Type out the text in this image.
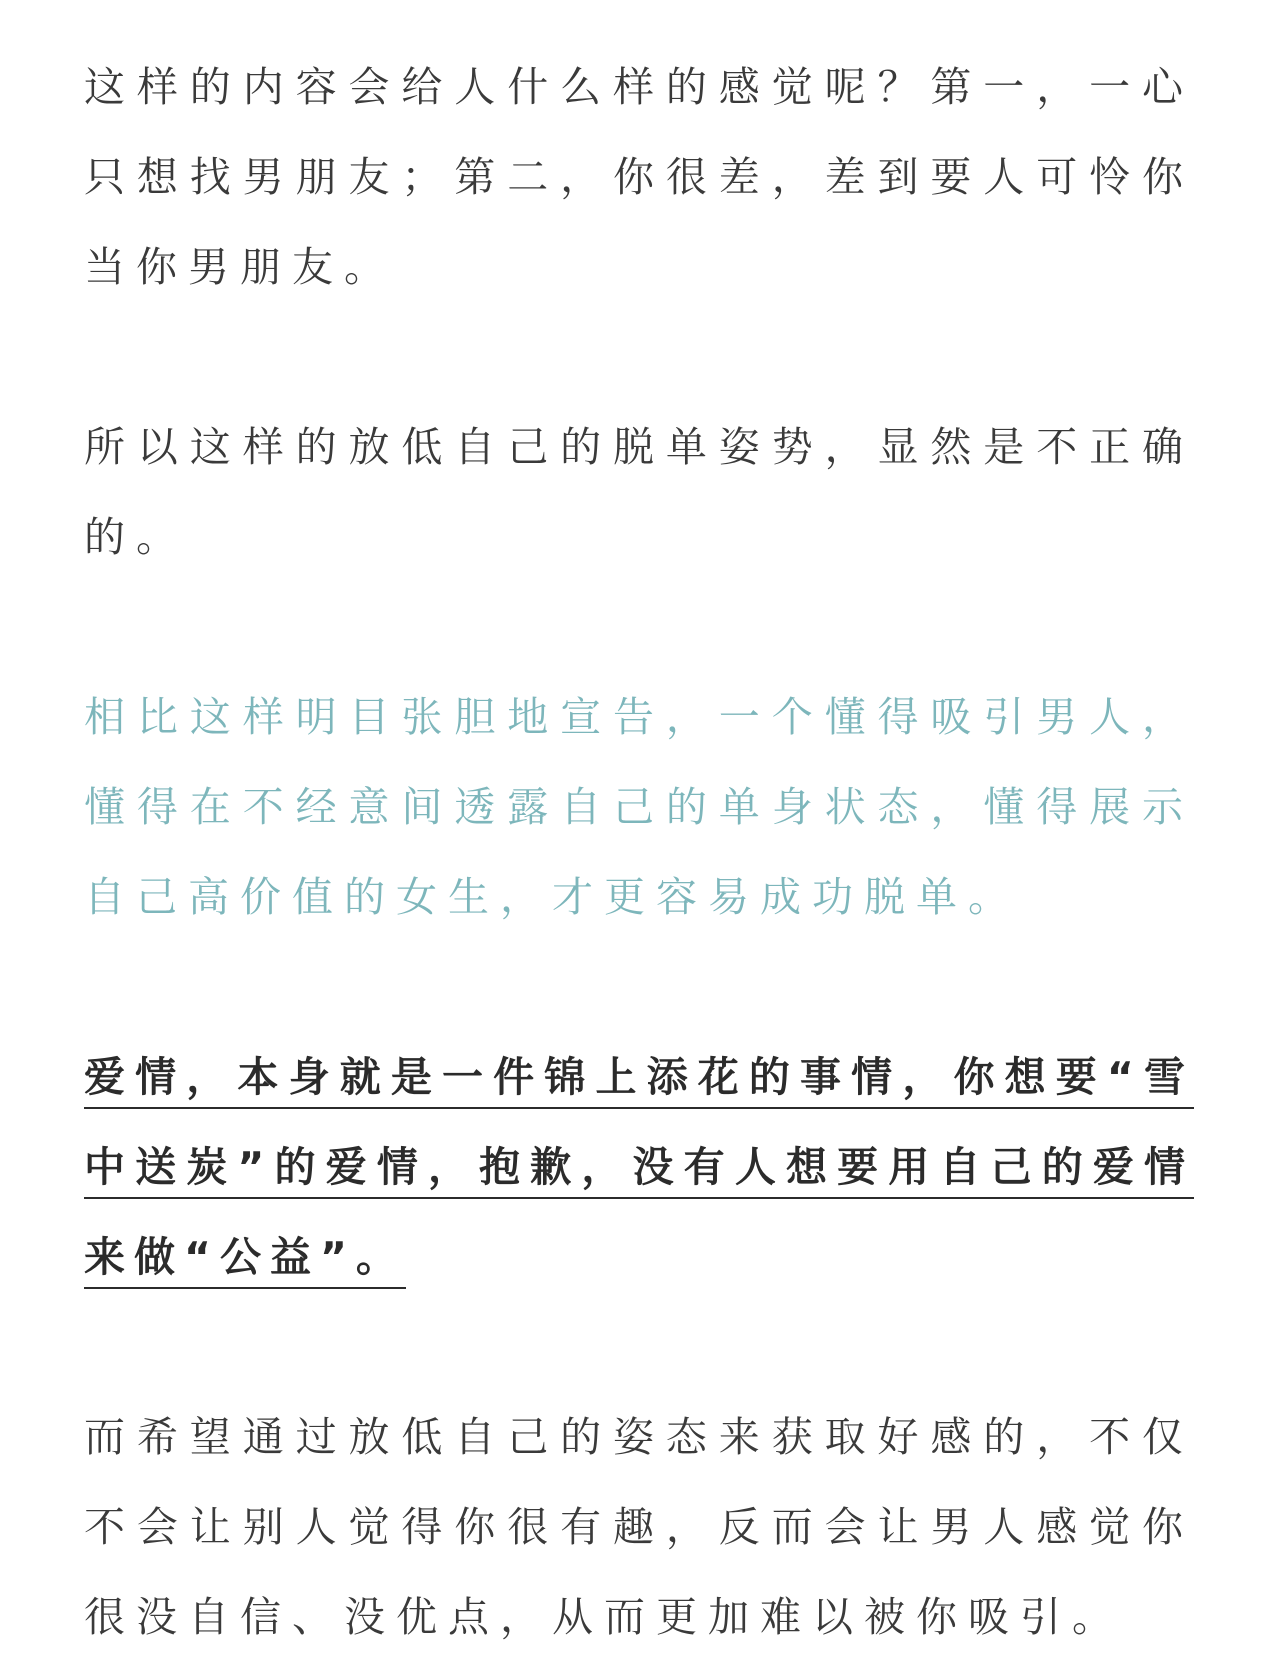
这样的内容会给人什么样的感觉呢？第一，一心只想找男朋友；第二，你很差，差到要人可怜你当你男朋友。

所以这样的放低自己的脱单姿势，显然是不正确的。

相比这样明目张胆地宣告，一个懂得吸引男人，懂得在不经意间透露自己的单身状态，懂得展示自己高价值的女生，才更容易成功脱单。

爱情，本身就是一件锦上添花的事情，你想要“雪中送炭”的爱情，抱歉，没有人想要用自己的爱情来做“公益”。

而希望通过放低自己的姿态来获取好感的，不仅不会让别人觉得你很有趣，反而会让男人感觉你很没自信、没优点，从而更加难以被你吸引。
